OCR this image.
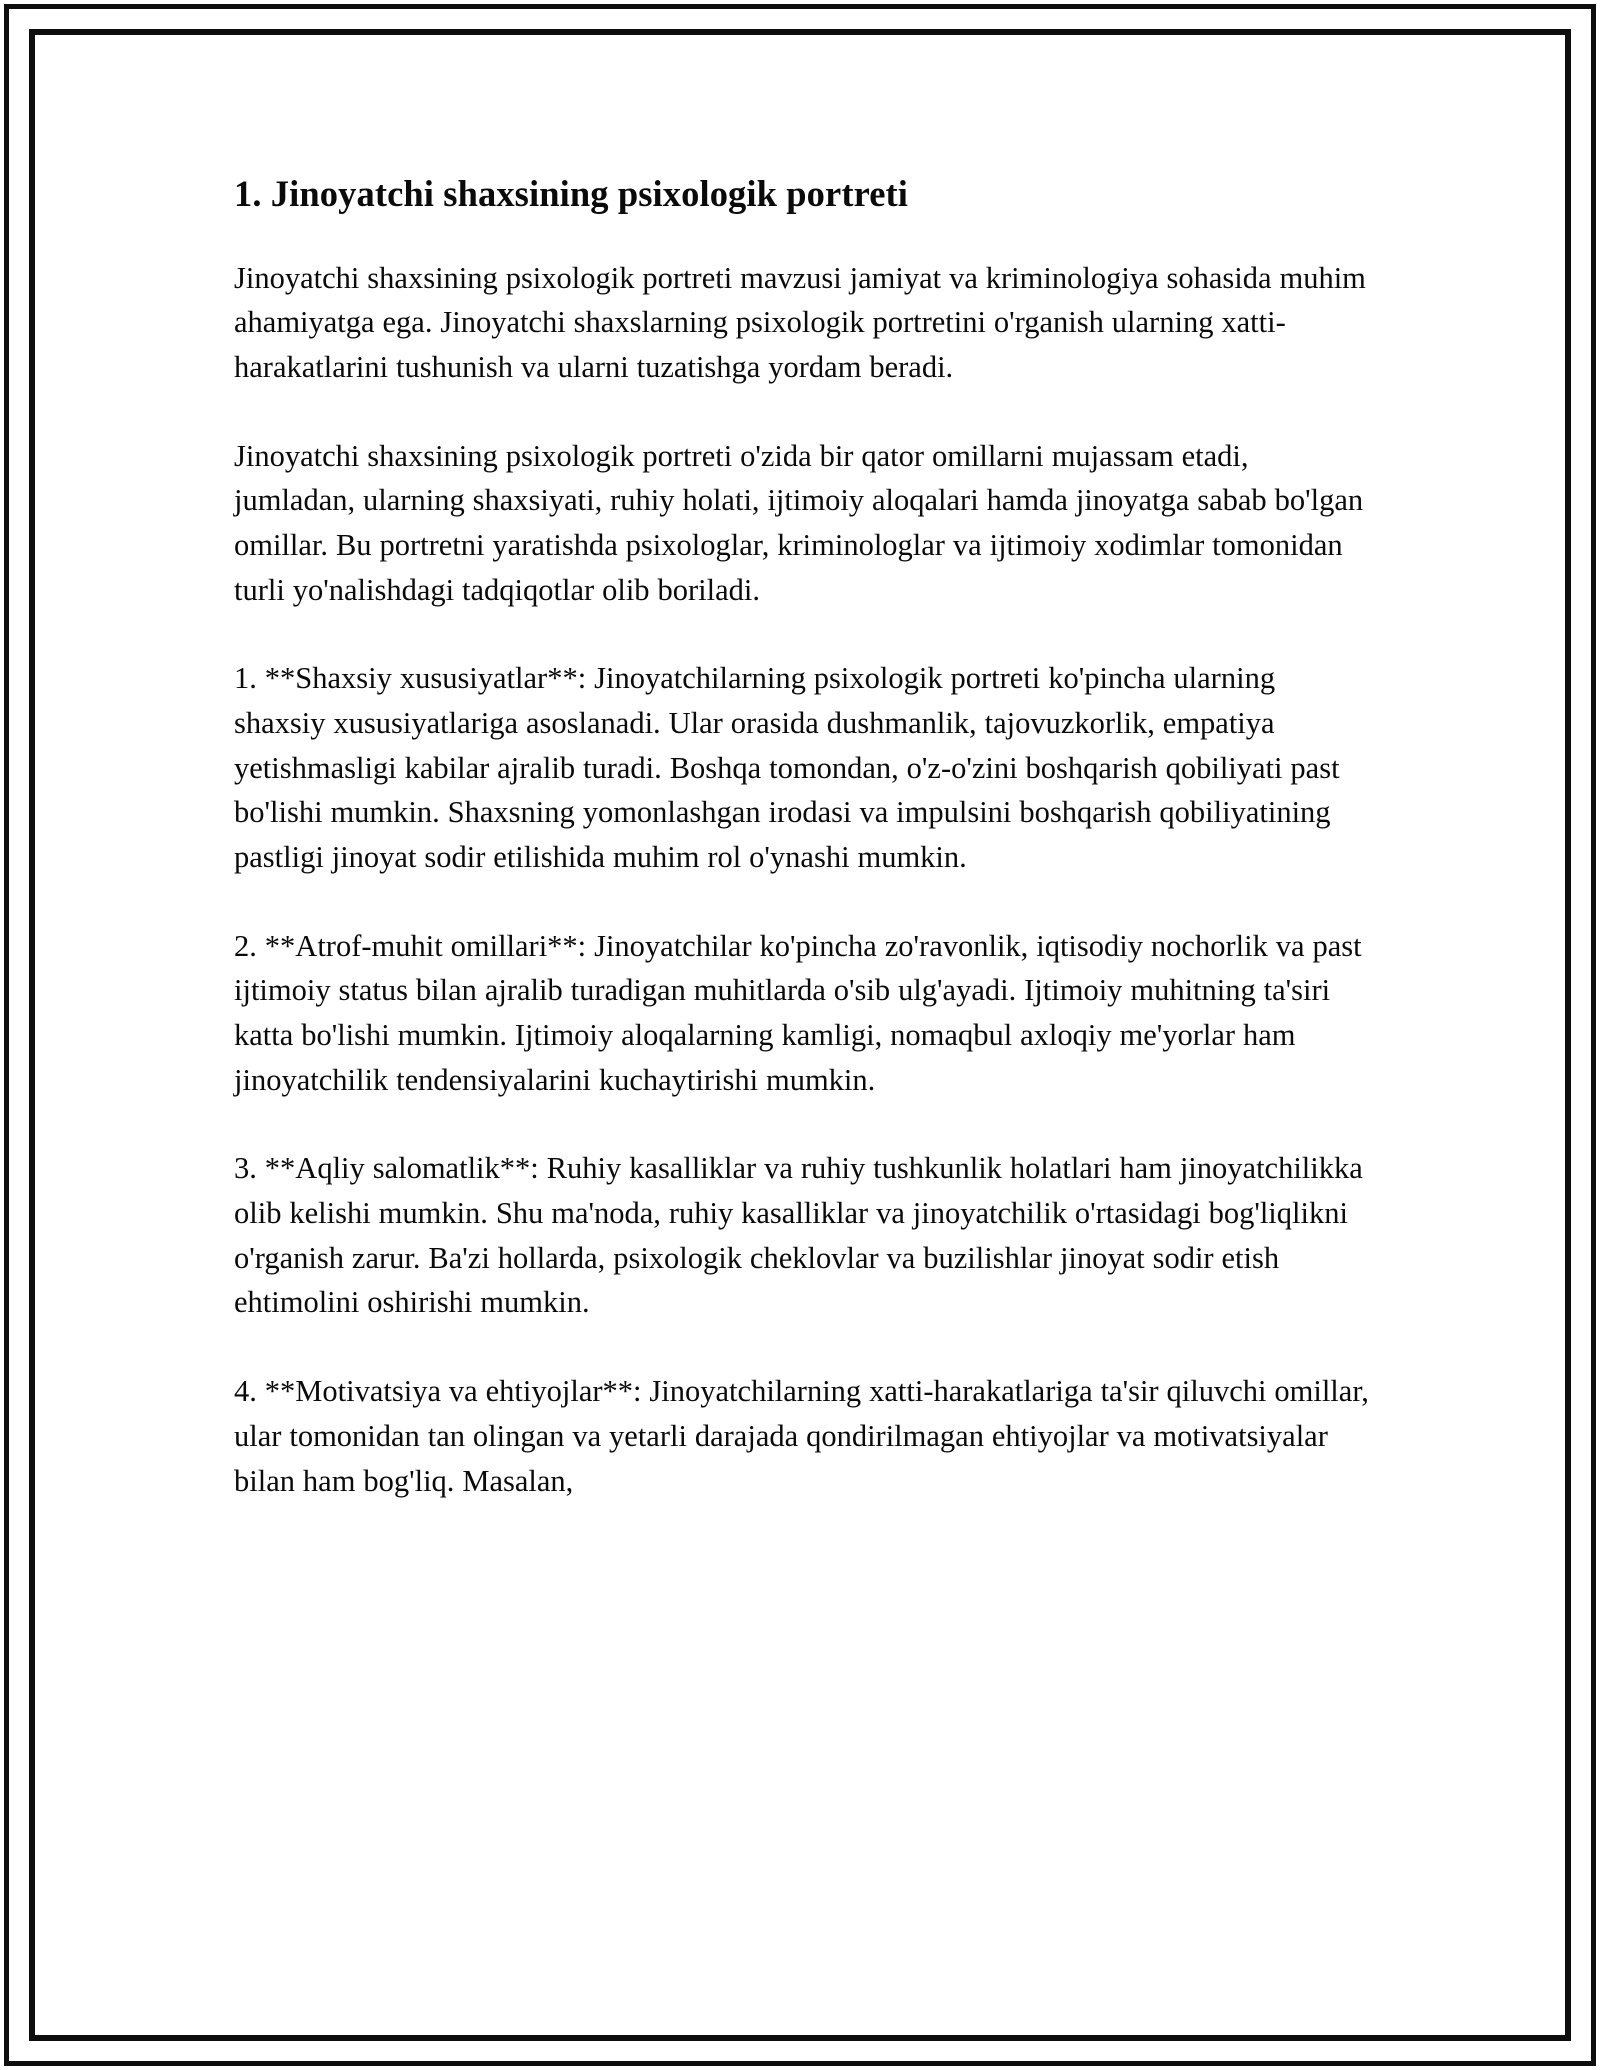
1. Jinoyatchi shaxsining psixologik portreti

Jinoyatchi shaxsining psixologik portreti mavzusi jamiyat va kriminologiya sohasida muhim ahamiyatga ega. Jinoyatchi shaxslarning psixologik portretini o'rganish ularning xatti-harakatlarini tushunish va ularni tuzatishga yordam beradi.

Jinoyatchi shaxsining psixologik portreti o'zida bir qator omillarni mujassam etadi, jumladan, ularning shaxsiyati, ruhiy holati, ijtimoiy aloqalari hamda jinoyatga sabab bo'lgan omillar. Bu portretni yaratishda psixologlar, kriminologlar va ijtimoiy xodimlar tomonidan turli yo'nalishdagi tadqiqotlar olib boriladi.

1. **Shaxsiy xususiyatlar**: Jinoyatchilarning psixologik portreti ko'pincha ularning shaxsiy xususiyatlariga asoslanadi. Ular orasida dushmanlik, tajovuzkorlik, empatiya yetishmasligi kabilar ajralib turadi. Boshqa tomondan, o'z-o'zini boshqarish qobiliyati past bo'lishi mumkin. Shaxsning yomonlashgan irodasi va impulsini boshqarish qobiliyatining pastligi jinoyat sodir etilishida muhim rol o'ynashi mumkin.

2. **Atrof-muhit omillari**: Jinoyatchilar ko'pincha zo'ravonlik, iqtisodiy nochorlik va past ijtimoiy status bilan ajralib turadigan muhitlarda o'sib ulg'ayadi. Ijtimoiy muhitning ta'siri katta bo'lishi mumkin. Ijtimoiy aloqalarning kamligi, nomaqbul axloqiy me'yorlar ham jinoyatchilik tendensiyalarini kuchaytirishi mumkin.

3. **Aqliy salomatlik**: Ruhiy kasalliklar va ruhiy tushkunlik holatlari ham jinoyatchilikka olib kelishi mumkin. Shu ma'noda, ruhiy kasalliklar va jinoyatchilik o'rtasidagi bog'liqlikni o'rganish zarur. Ba'zi hollarda, psixologik cheklovlar va buzilishlar jinoyat sodir etish ehtimolini oshirishi mumkin.

4. **Motivatsiya va ehtiyojlar**: Jinoyatchilarning xatti-harakatlariga ta'sir qiluvchi omillar, ular tomonidan tan olingan va yetarli darajada qondirilmagan ehtiyojlar va motivatsiyalar bilan ham bog'liq. Masalan,
